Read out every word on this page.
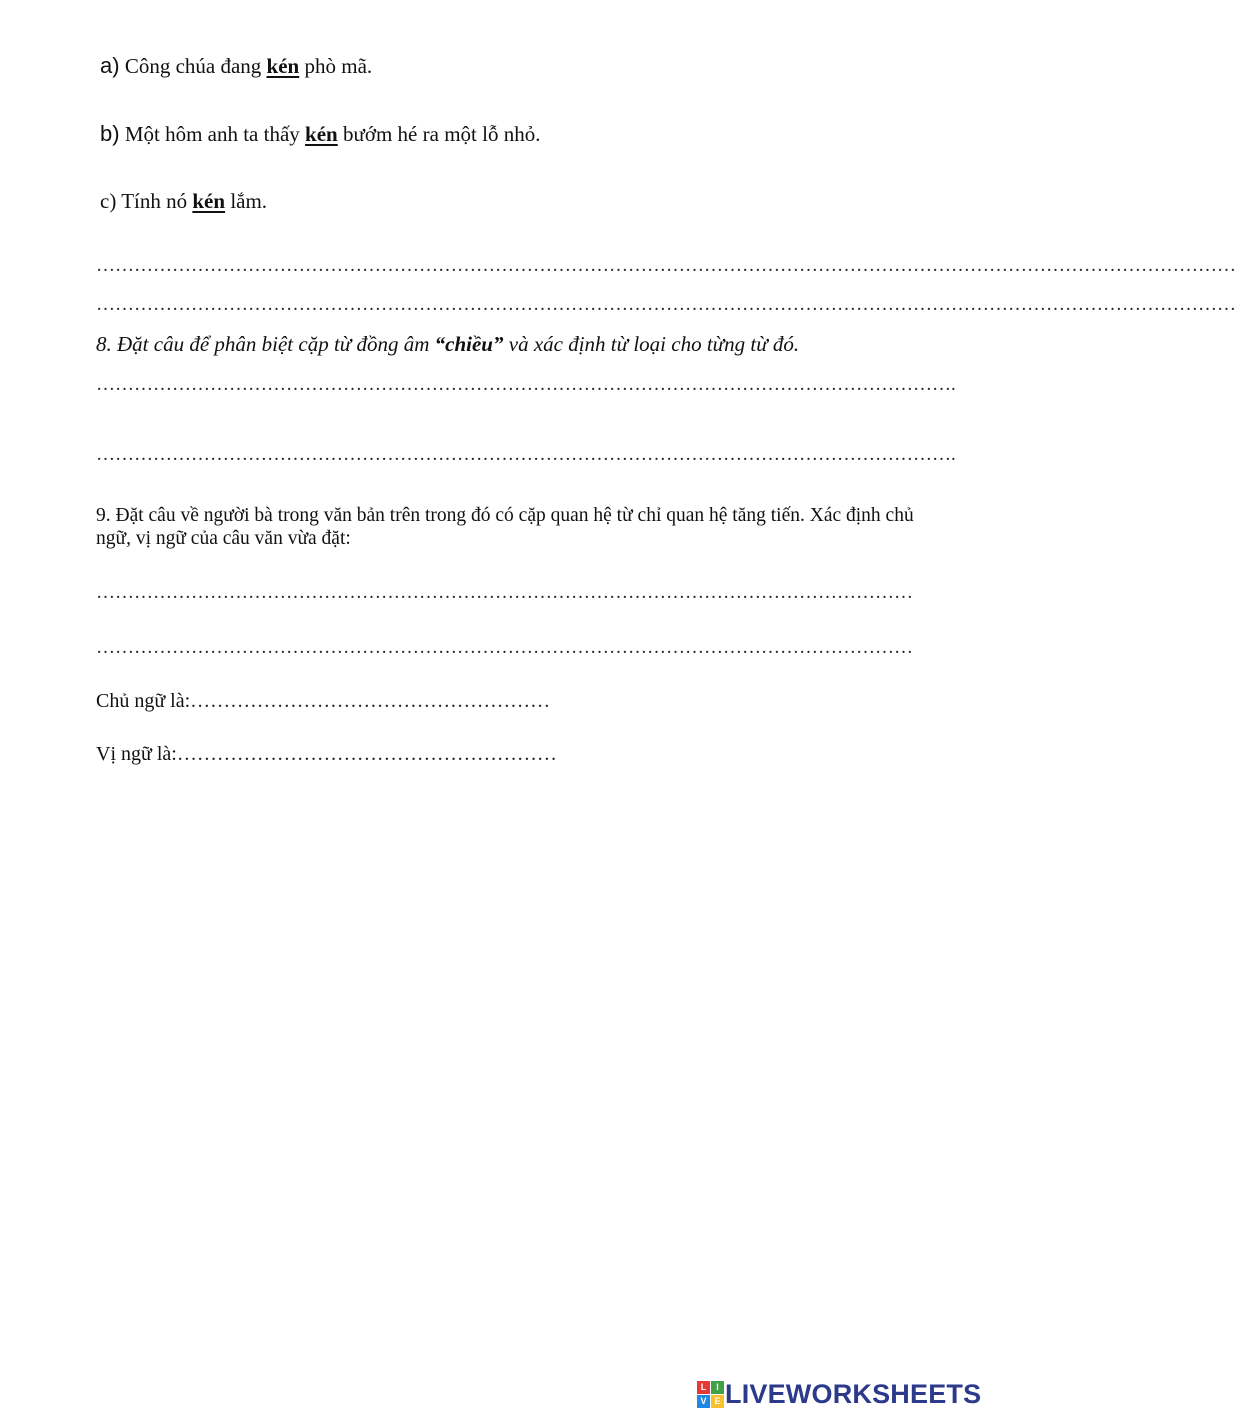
a) Công chúa đang kén phò mã.
b) Một hôm anh ta thấy kén bướm hé ra một lỗ nhỏ.
c) Tính nó kén lắm.
………………………………………………………………………………………………………………………………………………………………
………………………………………………………………………………………………………………………………………………………………
8. Đặt câu để phân biệt cặp từ đồng âm “chiều” và xác định từ loại cho từng từ đó.
……………………………………………………………………………………………………………………….
……………………………………………………………………………………………………………………….
9. Đặt câu về người bà trong văn bản trên trong đó có cặp quan hệ từ chỉ quan hệ tăng tiến. Xác định chủ ngữ, vị ngữ của câu văn vừa đặt:
…………………………………………………………………………………………………………………
…………………………………………………………………………………………………………………
Chủ ngữ là:………………………………………………
Vị ngữ là:…………………………………………………
L	I
V E LIVEWORKSHEETS
